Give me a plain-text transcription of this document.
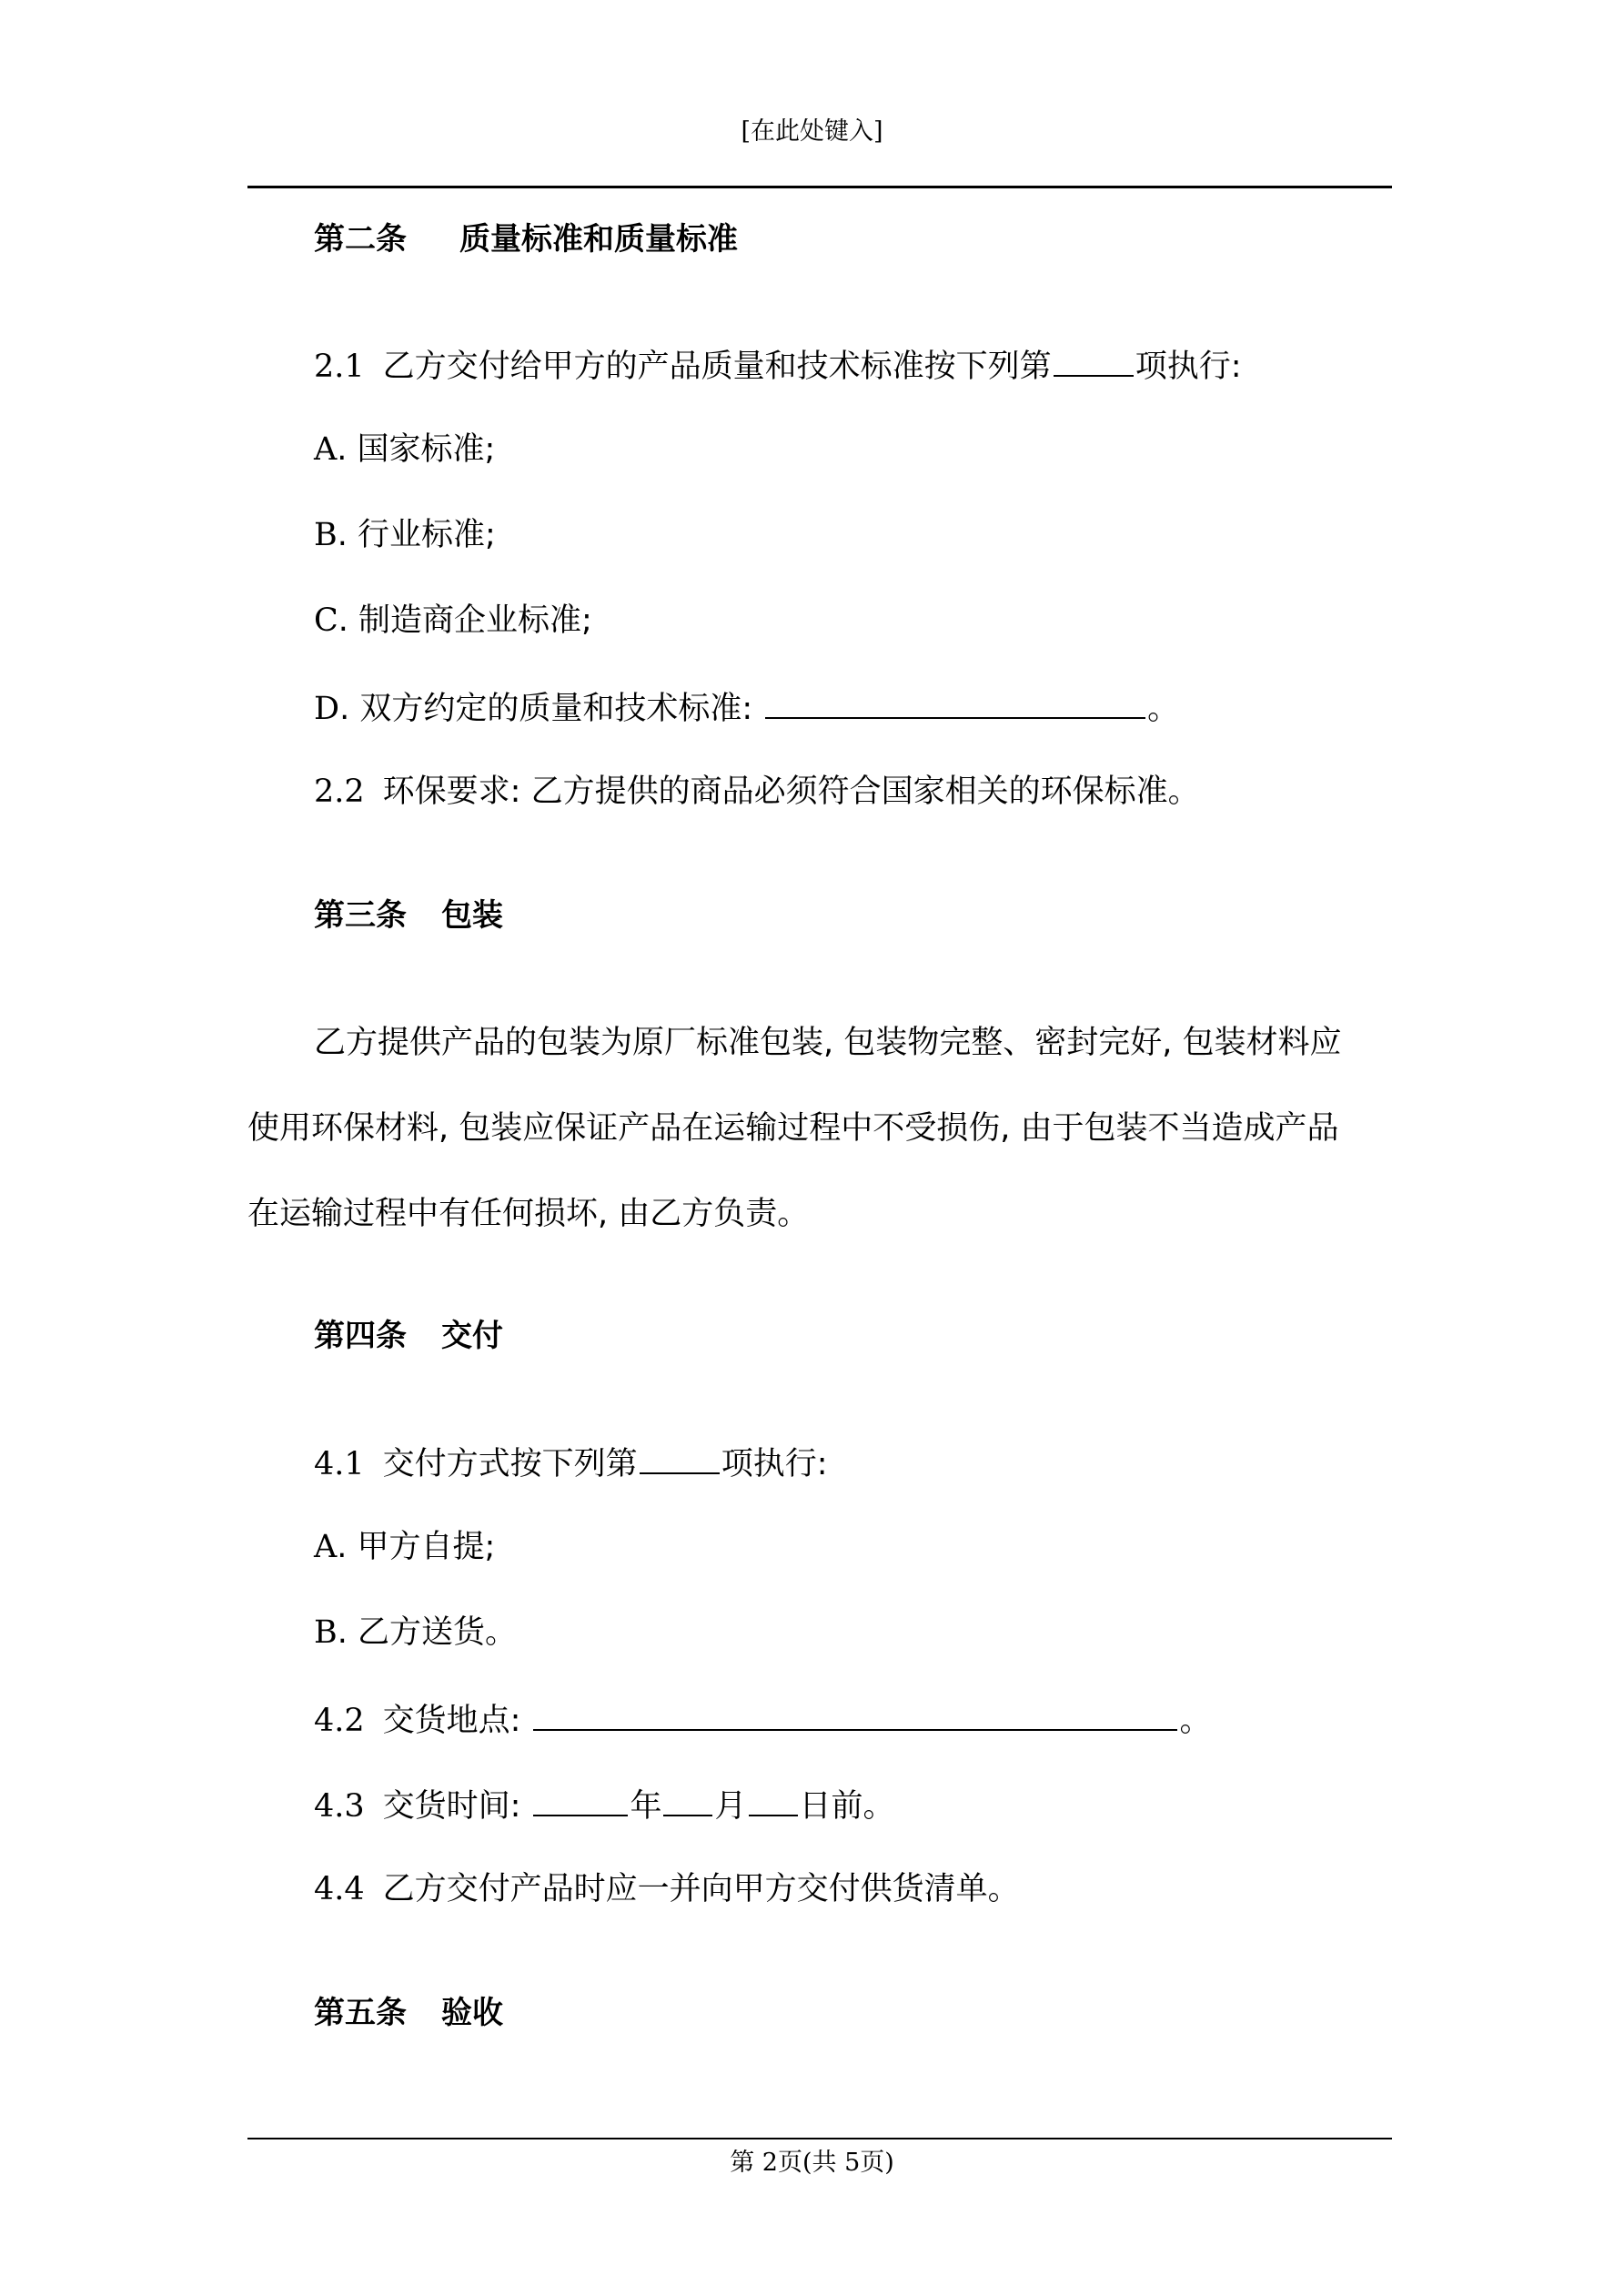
[在此处键入]
第二条 质量标准和质量标准
2.1 乙方交付给甲方的产品质量和技术标准按下列第	项执行:
A. 国家标准;
B. 行业标准;
C. 制造商企业标准;
D. 双方约定的质量和技术标准:	。
2.2 环保要求: 乙方提供的商品必须符合国家相关的环保标准。
第三条 包装
乙方提供产品的包装为原厂标准包装, 包装物完整、密封完好, 包装材料应
使用环保材料, 包装应保证产品在运输过程中不受损伤, 由于包装不当造成产品
在运输过程中有任何损坏, 由乙方负责。
第四条 交付
4.1 交付方式按下列第	项执行:
A. 甲方自提;
B. 乙方送货。
4.2 交货地点:	。
4.3 交货时间:	年 月 日前。
4.4 乙方交付产品时应一并向甲方交付供货清单。
第五条 验收
第 2页(共 5页)
